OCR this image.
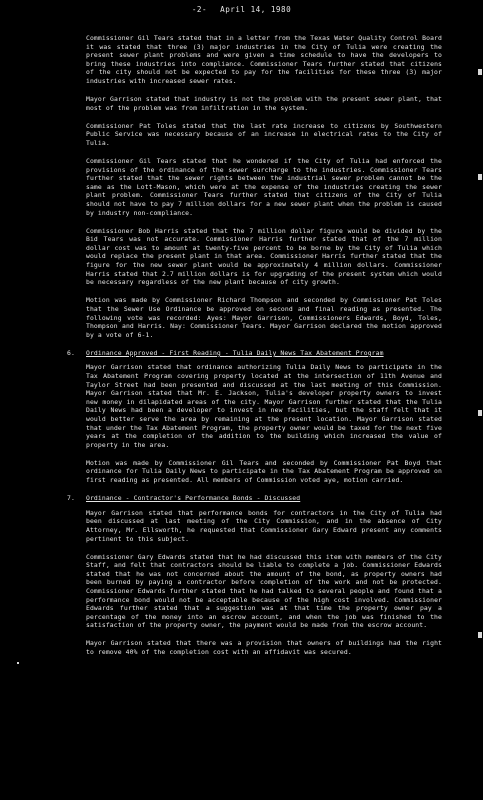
-2- April 14, 1980

Commissioner Gil Tears stated that in a letter from the Texas Water Quality Control Board it was stated that three (3) major industries in the City of Tulia were creating the present sewer plant problems and were given a time schedule to have the developers to bring these industries into compliance. Commissioner Tears further stated that citizens of the city should not be expected to pay for the facilities for these three (3) major industries with increased sewer rates.

Mayor Garrison stated that industry is not the problem with the present sewer plant, that most of the problem was from infiltration in the system.

Commissioner Pat Toles stated that the last rate increase to citizens by Southwestern Public Service was necessary because of an increase in electrical rates to the City of Tulia.

Commissioner Gil Tears stated that he wondered if the City of Tulia had enforced the provisions of the ordinance of the sewer surcharge to the industries. Commissioner Tears further stated that the sewer rights between the industrial sewer problem cannot be the same as the Lott-Mason, which were at the expense of the industries creating the sewer plant problem. Commissioner Tears further stated that citizens of the City of Tulia should not have to pay 7 million dollars for a new sewer plant when the problem is caused by industry non-compliance.

Commissioner Bob Harris stated that the 7 million dollar figure would be divided by the Bid Tears was not accurate. Commissioner Harris further stated that of the 7 million dollar cost was to amount at twenty-five percent to be borne by the City of Tulia which would replace the present plant in that area. Commissioner Harris further stated that the figure for the new sewer plant would be approximately 4 million dollars. Commissioner Harris stated that 2.7 million dollars is for upgrading of the present system which would be necessary regardless of the new plant because of city growth.

Motion was made by Commissioner Richard Thompson and seconded by Commissioner Pat Toles that the Sewer Use Ordinance be approved on second and final reading as presented. The following vote was recorded: Ayes: Mayor Garrison, Commissioners Edwards, Boyd, Toles, Thompson and Harris. Nay: Commissioner Tears. Mayor Garrison declared the motion approved by a vote of 6-1.

6. Ordinance Approved - First Reading - Tulia Daily News Tax Abatement Program

Mayor Garrison stated that ordinance authorizing Tulia Daily News to participate in the Tax Abatement Program covering property located at the intersection of 11th Avenue and Taylor Street had been presented and discussed at the last meeting of this Commission. Mayor Garrison stated that Mr. E. Jackson, Tulia's developer property owners to invest new money in dilapidated areas of the city. Mayor Garrison further stated that the Tulia Daily News had been a developer to invest in new facilities, but the staff felt that it would better serve the area by remaining at the present location. Mayor Garrison stated that under the Tax Abatement Program, the property owner would be taxed for the next five years at the completion of the addition to the building which increased the value of property in the area.

Motion was made by Commissioner Gil Tears and seconded by Commissioner Pat Boyd that ordinance for Tulia Daily News to participate in the Tax Abatement Program be approved on first reading as presented. All members of Commission voted aye, motion carried.

7. Ordinance - Contractor's Performance Bonds - Discussed

Mayor Garrison stated that performance bonds for contractors in the City of Tulia had been discussed at last meeting of the City Commission, and in the absence of City Attorney, Mr. Ellsworth, he requested that Commissioner Gary Edward present any comments pertinent to this subject.

Commissioner Gary Edwards stated that he had discussed this item with members of the City Staff, and felt that contractors should be liable to complete a job. Commissioner Edwards stated that he was not concerned about the amount of the bond, as property owners had been burned by paying a contractor before completion of the work and not be protected. Commissioner Edwards further stated that he had talked to several people and found that a performance bond would not be acceptable because of the high cost involved. Commissioner Edwards further stated that a suggestion was at that time the property owner pay a percentage of the money into an escrow account, and when the job was finished to the satisfaction of the property owner, the payment would be made from the escrow account.

Mayor Garrison stated that there was a provision that owners of buildings had the right to remove 40% of the completion cost with an affidavit was secured.
